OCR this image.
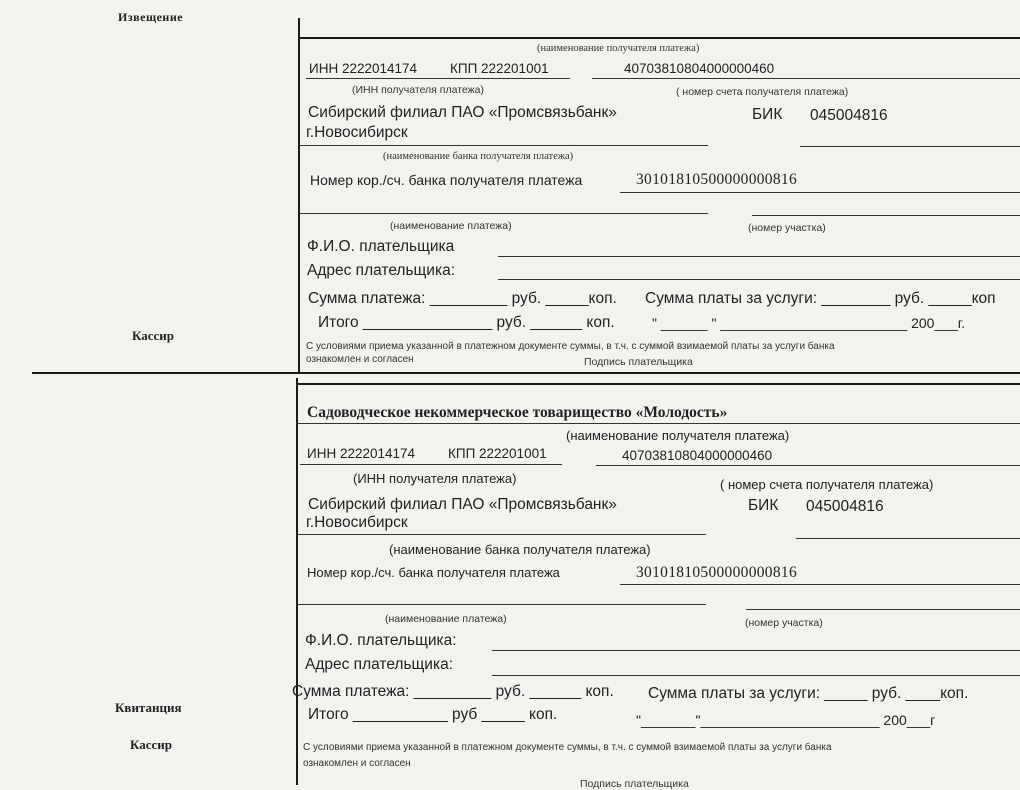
Извещение
Кассир
Квитанция
Кассир
(наименование получателя платежа)
ИНН 2222014174 КПП 222201001	40703810804000000460
(ИНН получателя платежа)	( номер счета получателя платежа)
Сибирский филиал ПАО «Промсвязьбанк»
г.Новосибирск
БИК 045004816
(наименование банка получателя платежа)
Номер кор./сч. банка получателя платежа	30101810500000000816
(наименование платежа)	(номер участка)
Ф.И.О. плательщика
Адрес плательщика:
Сумма платежа: _________ руб. _____коп. Сумма платы за услуги: ________ руб. _____коп
Итого _______________ руб. ______ коп.	" ______ " ________________________ 200___г.
С условиями приема указанной в платежном документе суммы, в т.ч. с суммой взимаемой платы за услуги банка
ознакомлен и согласен	Подпись плательщика
Садоводческое некоммерческое товарищество «Молодость»
(наименование получателя платежа)
ИНН 2222014174 КПП 222201001	40703810804000000460
(ИНН получателя платежа)	( номер счета получателя платежа)
Сибирский филиал ПАО «Промсвязьбанк»
г.Новосибирск
БИК 045004816
(наименование банка получателя платежа)
Номер кор./сч. банка получателя платежа	30101810500000000816
(наименование платежа)	(номер участка)
Ф.И.О. плательщика:
Адрес плательщика:
Сумма платежа: _________ руб. ______ коп. Сумма платы за услуги: _____ руб. ____коп.
Итого ___________ руб _____ коп.	"_______"_______________________ 200___г
С условиями приема указанной в платежном документе суммы, в т.ч. с суммой взимаемой платы за услуги банка
ознакомлен и согласен
Подпись плательщика
